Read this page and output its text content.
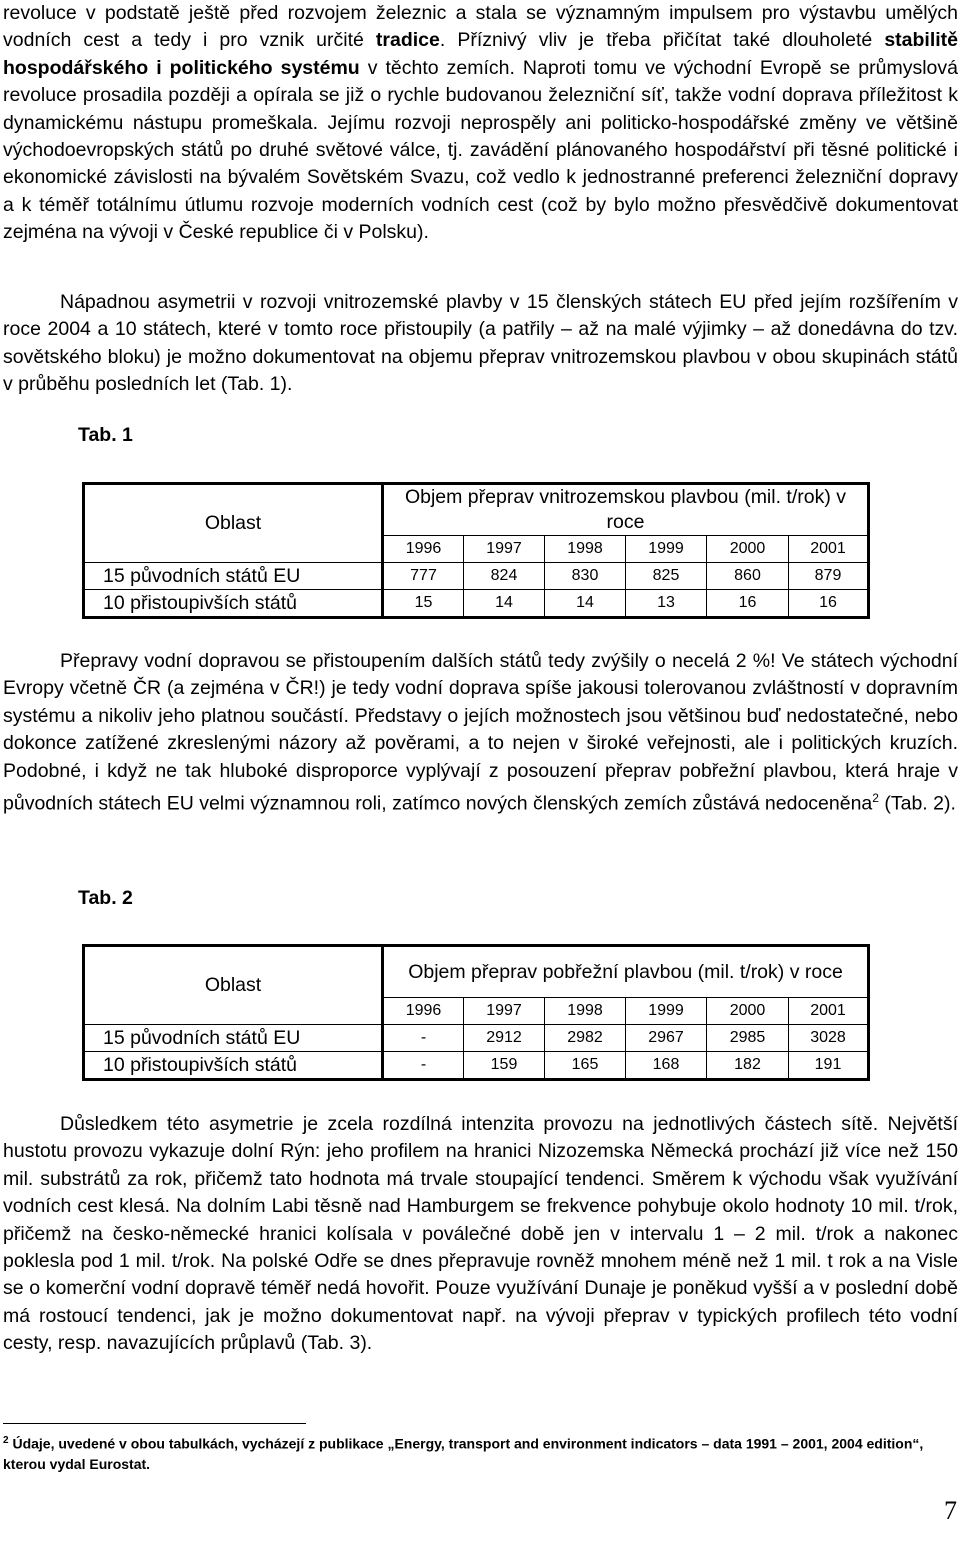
revoluce v podstatě ještě před rozvojem železnic a stala se významným impulsem pro výstavbu umělých vodních cest a tedy i pro vznik určité tradice. Příznivý vliv je třeba přičítat také dlouholeté stabilitě hospodářského i politického systému v těchto zemích. Naproti tomu ve východní Evropě se průmyslová revoluce prosadila později a opírala se již o rychle budovanou železniční síť, takže vodní doprava příležitost k dynamickému nástupu promeškala. Jejímu rozvoji neprospěly ani politicko-hospodářské změny ve většině východoevropských států po druhé světové válce, tj. zavádění plánovaného hospodářství při těsné politické i ekonomické závislosti na bývalém Sovětském Svazu, což vedlo k jednostranné preferenci železniční dopravy a k téměř totálnímu útlumu rozvoje moderních vodních cest (což by bylo možno přesvědčivě dokumentovat zejména na vývoji v České republice či v Polsku).

Nápadnou asymetrii v rozvoji vnitrozemské plavby v 15 členských státech EU před jejím rozšířením v roce 2004 a 10 státech, které v tomto roce přistoupily (a patřily – až na malé výjimky – až donedávna do tzv. sovětského bloku) je možno dokumentovat na objemu přeprav vnitrozemskou plavbou v obou skupinách států v průběhu posledních let (Tab. 1).

Tab. 1
Oblast	Objem přeprav vnitrozemskou plavbou (mil. t/rok) v roce					
	1996	1997	1998	1999	2000	2001
15 původních států EU	777	824	830	825	860	879
10 přistoupivších států	15	14	14	13	16	16

Přepravy vodní dopravou se přistoupením dalších států tedy zvýšily o necelá 2 %! Ve státech východní Evropy včetně ČR (a zejména v ČR!) je tedy vodní doprava spíše jakousi tolerovanou zvláštností v dopravním systému a nikoliv jeho platnou součástí. Představy o jejích možnostech jsou většinou buď nedostatečné, nebo dokonce zatížené zkreslenými názory až pověrami, a to nejen v široké veřejnosti, ale i politických kruzích. Podobné, i když ne tak hluboké disproporce vyplývají z posouzení přeprav pobřežní plavbou, která hraje v původních státech EU velmi významnou roli, zatímco nových členských zemích zůstává nedoceněna$^2$ (Tab. 2).

Tab. 2
Oblast	Objem přeprav pobřežní plavbou (mil. t/rok) v roce					
	1996	1997	1998	1999	2000	2001
15 původních států EU	-	2912	2982	2967	2985	3028
10 přistoupivších států	-	159	165	168	182	191

Důsledkem této asymetrie je zcela rozdílná intenzita provozu na jednotlivých částech sítě. Největší hustotu provozu vykazuje dolní Rýn: jeho profilem na hranici Nizozemska Německá prochází již více než 150 mil. substrátů za rok, přičemž tato hodnota má trvale stoupající tendenci. Směrem k východu však využívání vodních cest klesá. Na dolním Labi těsně nad Hamburgem se frekvence pohybuje okolo hodnoty 10 mil. t/rok, přičemž na česko-německé hranici kolísala v poválečné době jen v intervalu 1 – 2 mil. t/rok a nakonec poklesla pod 1 mil. t/rok. Na polské Odře se dnes přepravuje rovněž mnohem méně než 1 mil. t rok a na Visle se o komerční vodní dopravě téměř nedá hovořit. Pouze využívání Dunaje je poněkud vyšší a v poslední době má rostoucí tendenci, jak je možno dokumentovat např. na vývoji přeprav v typických profilech této vodní cesty, resp. navazujících průplavů (Tab. 3).

$^2$ Údaje, uvedené v obou tabulkách, vycházejí z publikace „Energy, transport and environment indicators – data 1991 – 2001, 2004 edition“, kterou vydal Eurostat.

7
